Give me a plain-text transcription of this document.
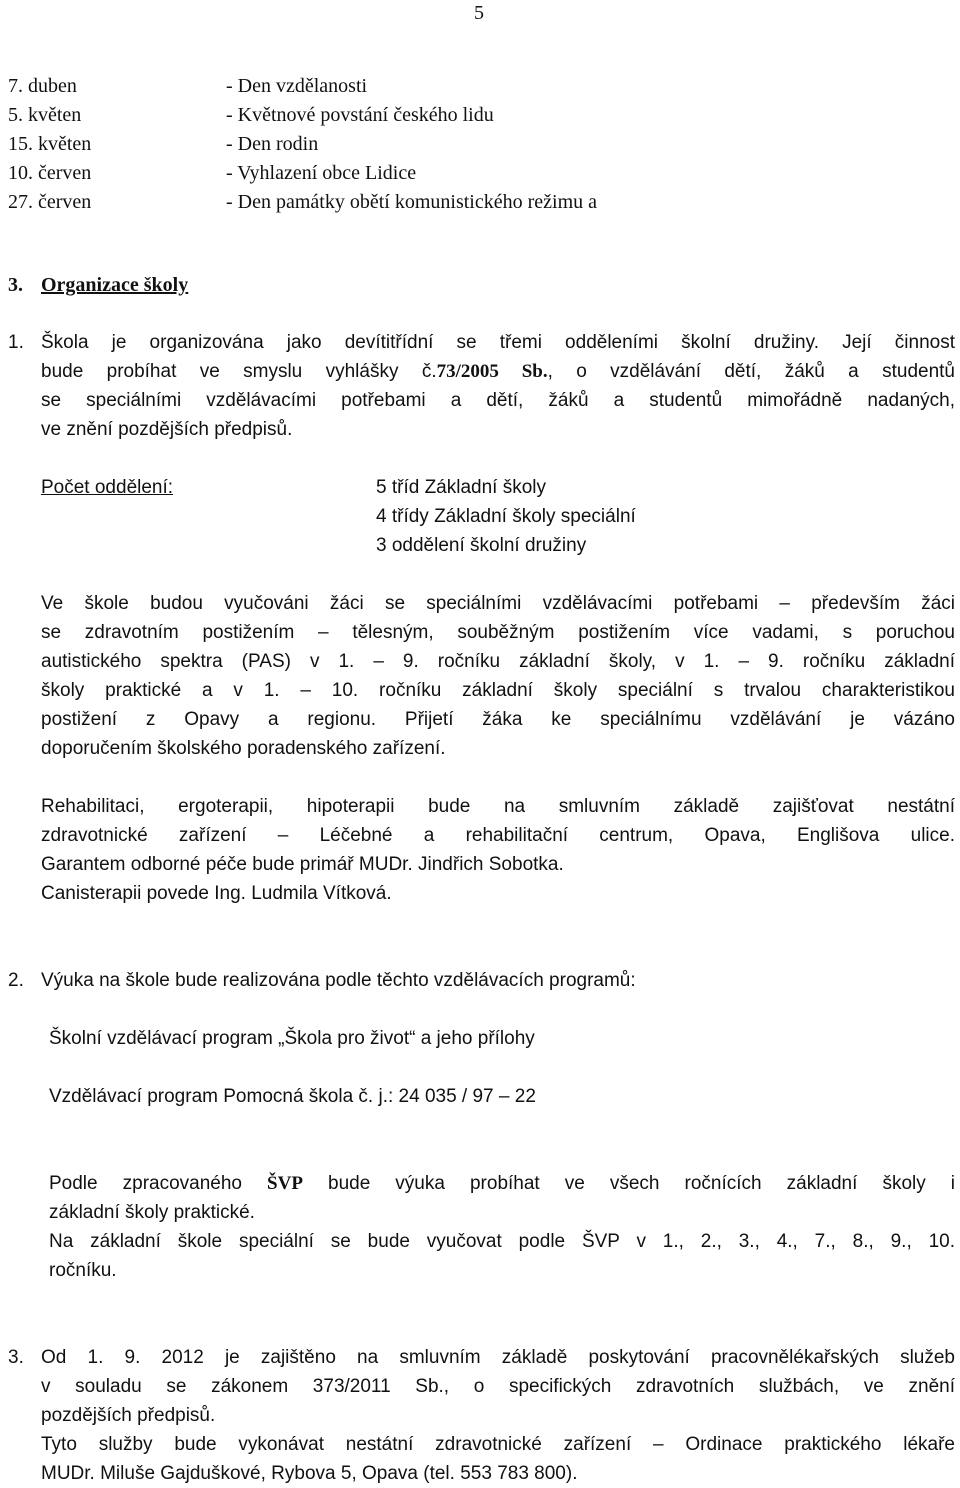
5
7. duben	- Den vzdělanosti
5. květen	- Květnové povstání českého lidu
15. květen	- Den rodin
10. červen	- Vyhlazení obce Lidice
27. červen	- Den památky obětí komunistického režimu a
3. Organizace školy
1. Škola je organizována jako devítitřídní se třemi odděleními školní družiny. Její činnost
bude probíhat ve smyslu vyhlášky č.73/2005 Sb., o vzdělávání dětí, žáků a studentů
se speciálními vzdělávacími potřebami a dětí, žáků a studentů mimořádně nadaných,
ve znění pozdějších předpisů.
Počet oddělení:	5 tříd Základní školy
4 třídy Základní školy speciální
3 oddělení školní družiny
Ve škole budou vyučováni žáci se speciálními vzdělávacími potřebami – především žáci
se zdravotním postižením – tělesným, souběžným postižením více vadami, s poruchou
autistického spektra (PAS) v 1. – 9. ročníku základní školy, v 1. – 9. ročníku základní
školy praktické a v 1. – 10. ročníku základní školy speciální s trvalou charakteristikou
postižení z Opavy a regionu. Přijetí žáka ke speciálnímu vzdělávání je vázáno
doporučením školského poradenského zařízení.
Rehabilitaci, ergoterapii, hipoterapii bude na smluvním základě zajišťovat nestátní
zdravotnické zařízení – Léčebné a rehabilitační centrum, Opava, Englišova ulice.
Garantem odborné péče bude primář MUDr. Jindřich Sobotka.
Canisterapii povede Ing. Ludmila Vítková.
2. Výuka na škole bude realizována podle těchto vzdělávacích programů:
Školní vzdělávací program „Škola pro život“ a jeho přílohy
Vzdělávací program Pomocná škola č. j.: 24 035 / 97 – 22
Podle zpracovaného ŠVP bude výuka probíhat ve všech ročnících základní školy i
základní školy praktické.
Na základní škole speciální se bude vyučovat podle ŠVP v 1., 2., 3., 4., 7., 8., 9., 10.
ročníku.
3. Od 1. 9. 2012 je zajištěno na smluvním základě poskytování pracovnělékařských služeb
v souladu se zákonem 373/2011 Sb., o specifických zdravotních službách, ve znění
pozdějších předpisů.
Tyto služby bude vykonávat nestátní zdravotnické zařízení – Ordinace praktického lékaře
MUDr. Miluše Gajduškové, Rybova 5, Opava (tel. 553 783 800).
